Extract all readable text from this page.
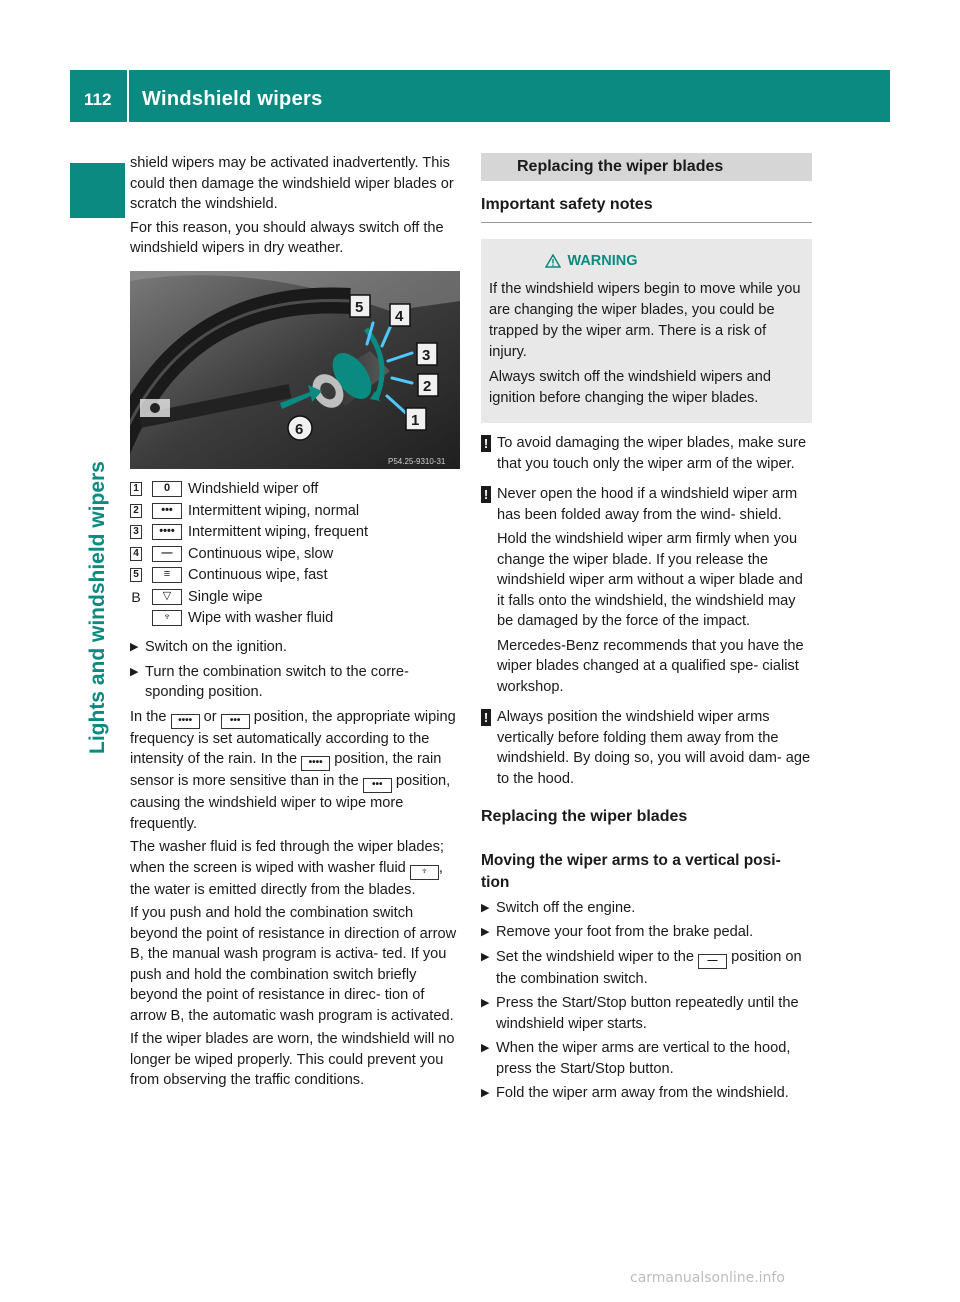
112 Windshield wipers
Lights and windshield wipers

shield wipers may be activated inadvertently. This could then damage the windshield wiper blades or scratch the windshield.

For this reason, you should always switch off the windshield wipers in dry weather.

5
4
3
2
1
6
P54.25-9310-31
1	0	Windshield wiper off
2	•••	Intermittent wiping, normal
3	•••• Intermittent wiping, frequent
4	—	Continuous wipe, slow
5	≡	Continuous wipe, fast
B	▽	Single wipe
♆	Wipe with washer fluid
▶ Switch on the ignition.
▶ Turn the combination switch to the corre- sponding position.

In the •••• or ••• position, the appropriate wiping frequency is set automatically according to the intensity of the rain. In the •••• position, the rain sensor is more sensitive than in the ••• position, causing the windshield wiper to wipe more frequently.

The washer fluid is fed through the wiper blades; when the screen is wiped with washer fluid ♆ , the water is emitted directly from the blades.

If you push and hold the combination switch beyond the point of resistance in direction of arrow B, the manual wash program is activa- ted. If you push and hold the combination switch briefly beyond the point of resistance in direc- tion of arrow B, the automatic wash program is activated.

If the wiper blades are worn, the windshield will no longer be wiped properly. This could prevent you from observing the traffic conditions.

Replacing the wiper blades
Important safety notes
WARNING

If the windshield wipers begin to move while you are changing the wiper blades, you could be trapped by the wiper arm. There is a risk of injury.

Always switch off the windshield wipers and ignition before changing the wiper blades.

! To avoid damaging the wiper blades, make sure that you touch only the wiper arm of the wiper.

! Never open the hood if a windshield wiper arm has been folded away from the wind- shield.

Hold the windshield wiper arm firmly when you change the wiper blade. If you release the windshield wiper arm without a wiper blade and it falls onto the windshield, the windshield may be damaged by the force of the impact.

Mercedes-Benz recommends that you have the wiper blades changed at a qualified spe- cialist workshop.

! Always position the windshield wiper arms vertically before folding them away from the windshield. By doing so, you will avoid dam- age to the hood.

Replacing the wiper blades
Moving the wiper arms to a vertical posi- tion
▶ Switch off the engine.
▶ Remove your foot from the brake pedal.
▶ Set the windshield wiper to the — position on the combination switch.
▶ Press the Start/Stop button repeatedly until the windshield wiper starts.
▶ When the wiper arms are vertical to the hood, press the Start/Stop button.
▶ Fold the wiper arm away from the windshield.
carmanualsonline.info
